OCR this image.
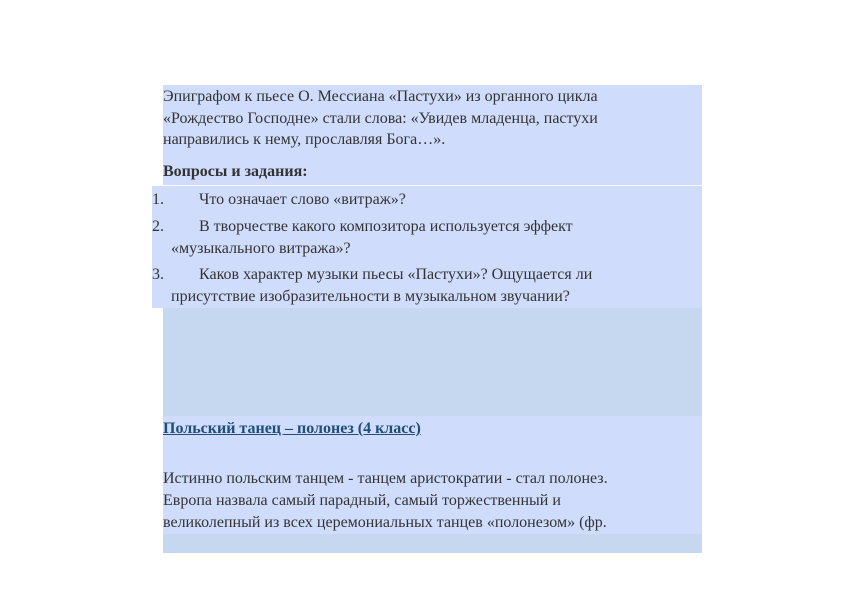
Эпиграфом к пьесе О. Мессиана «Пастухи» из органного цикла
«Рождество Господне» стали слова: «Увидев младенца, пастухи
направились к нему, прославляя Бога…».
Вопросы и задания:
1. Что означает слово «витраж»?
2. В творчестве какого композитора используется эффект
«музыкального витража»?
3. Каков характер музыки пьесы «Пастухи»? Ощущается ли
присутствие изобразительности в музыкальном звучании?
Польский танец – полонез (4 класс)
Истинно польским танцем - танцем аристократии - стал полонез.
Европа назвала самый парадный, самый торжественный и
великолепный из всех церемониальных танцев «полонезом» (фр.
